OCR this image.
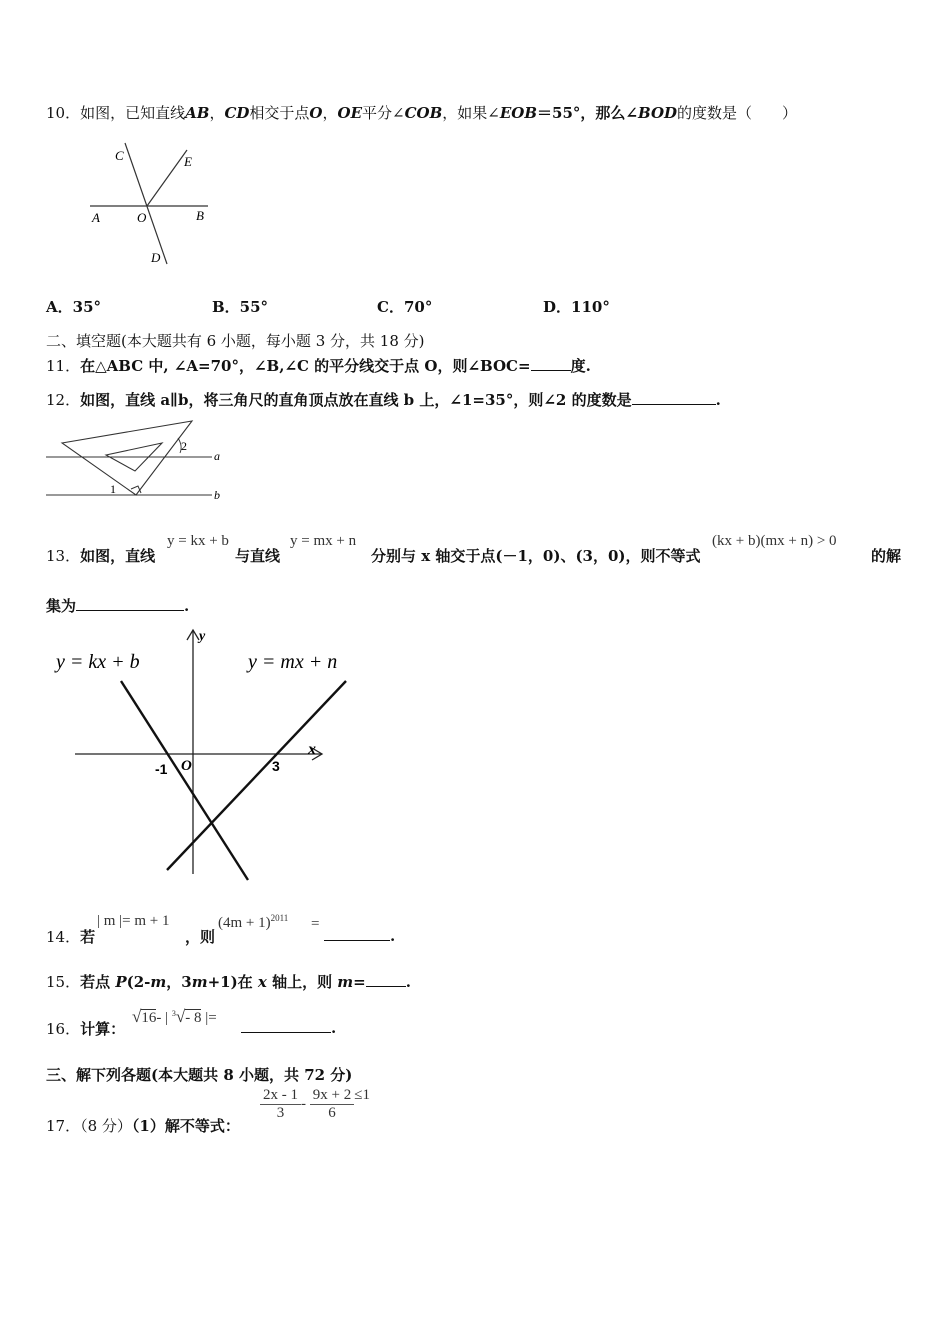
10．如图，已知直线AB，CD相交于点O，OE平分∠COB，如果∠EOB＝55°，那么∠BOD的度数是（　　）
C	E
A	O	B
D
A．35°	B．55°	C．70°	D．110°
二、填空题(本大题共有 6 小题，每小题 3 分，共 18 分)
11．在△ABC 中, ∠A=70°，∠B,∠C 的平分线交于点 O，则∠BOC=	度.
12．如图，直线 a∥b，将三角尺的直角顶点放在直线 b 上，∠1=35°，则∠2 的度数是	.
2
1
a
b
13．如图，直线
y = kx + b
与直线
y = mx + n
分别与 x 轴交于点(－1，0)、(3，0)，则不等式
(kx + b)(mx + n) > 0
的解
集为	.
y = kx + b	y = mx + n
x
y
O
-1	3
14．若
| m |= m + 1
，则
$(4m + 1)^{2011}$ =
.
15．若点 P(2-m，3m+1)在 x 轴上，则 m=	.
16．计算：
√16- | $^3$√- 8 |=
.
三、解下列各题(本大题共 8 小题，共 72 分)
17．（8 分）（1）解不等式：
$\frac{2x - 1}{3} - \frac{9x + 2}{6} \le 1$
